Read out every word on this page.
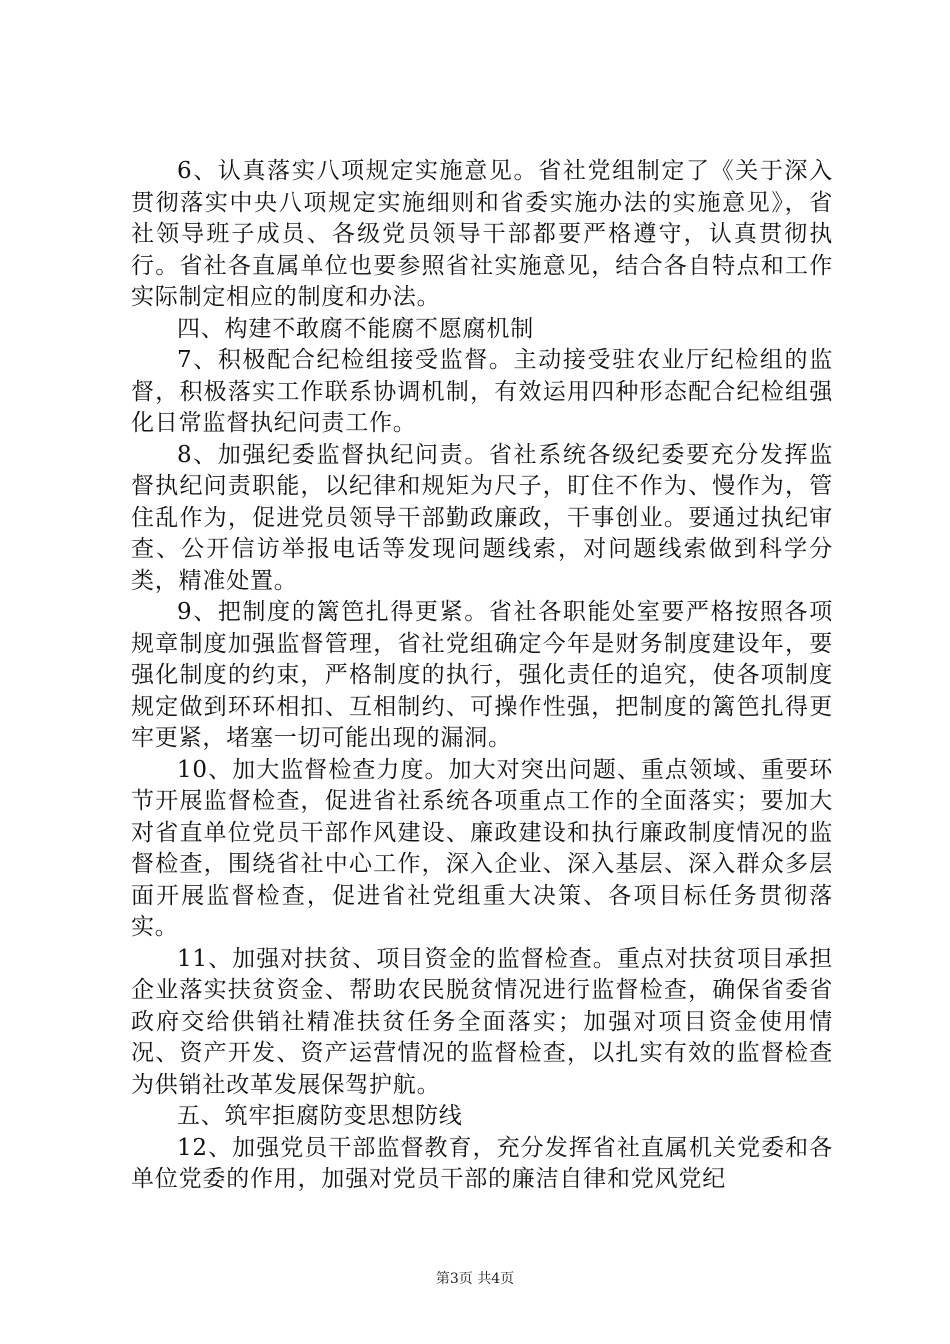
6、认真落实八项规定实施意见。省社党组制定了《关于深入贯彻落实中央八项规定实施细则和省委实施办法的实施意见》，省社领导班子成员、各级党员领导干部都要严格遵守，认真贯彻执行。省社各直属单位也要参照省社实施意见，结合各自特点和工作实际制定相应的制度和办法。

四、构建不敢腐不能腐不愿腐机制

7、积极配合纪检组接受监督。主动接受驻农业厅纪检组的监督，积极落实工作联系协调机制，有效运用四种形态配合纪检组强化日常监督执纪问责工作。

8、加强纪委监督执纪问责。省社系统各级纪委要充分发挥监督执纪问责职能，以纪律和规矩为尺子，盯住不作为、慢作为，管住乱作为，促进党员领导干部勤政廉政，干事创业。要通过执纪审查、公开信访举报电话等发现问题线索，对问题线索做到科学分类，精准处置。

9、把制度的篱笆扎得更紧。省社各职能处室要严格按照各项规章制度加强监督管理，省社党组确定今年是财务制度建设年，要强化制度的约束，严格制度的执行，强化责任的追究，使各项制度规定做到环环相扣、互相制约、可操作性强，把制度的篱笆扎得更牢更紧，堵塞一切可能出现的漏洞。

10、加大监督检查力度。加大对突出问题、重点领域、重要环节开展监督检查，促进省社系统各项重点工作的全面落实；要加大对省直单位党员干部作风建设、廉政建设和执行廉政制度情况的监督检查，围绕省社中心工作，深入企业、深入基层、深入群众多层面开展监督检查，促进省社党组重大决策、各项目标任务贯彻落实。

11、加强对扶贫、项目资金的监督检查。重点对扶贫项目承担企业落实扶贫资金、帮助农民脱贫情况进行监督检查，确保省委省政府交给供销社精准扶贫任务全面落实；加强对项目资金使用情况、资产开发、资产运营情况的监督检查，以扎实有效的监督检查为供销社改革发展保驾护航。

五、筑牢拒腐防变思想防线

12、加强党员干部监督教育，充分发挥省社直属机关党委和各单位党委的作用，加强对党员干部的廉洁自律和党风党纪

第3页 共4页
